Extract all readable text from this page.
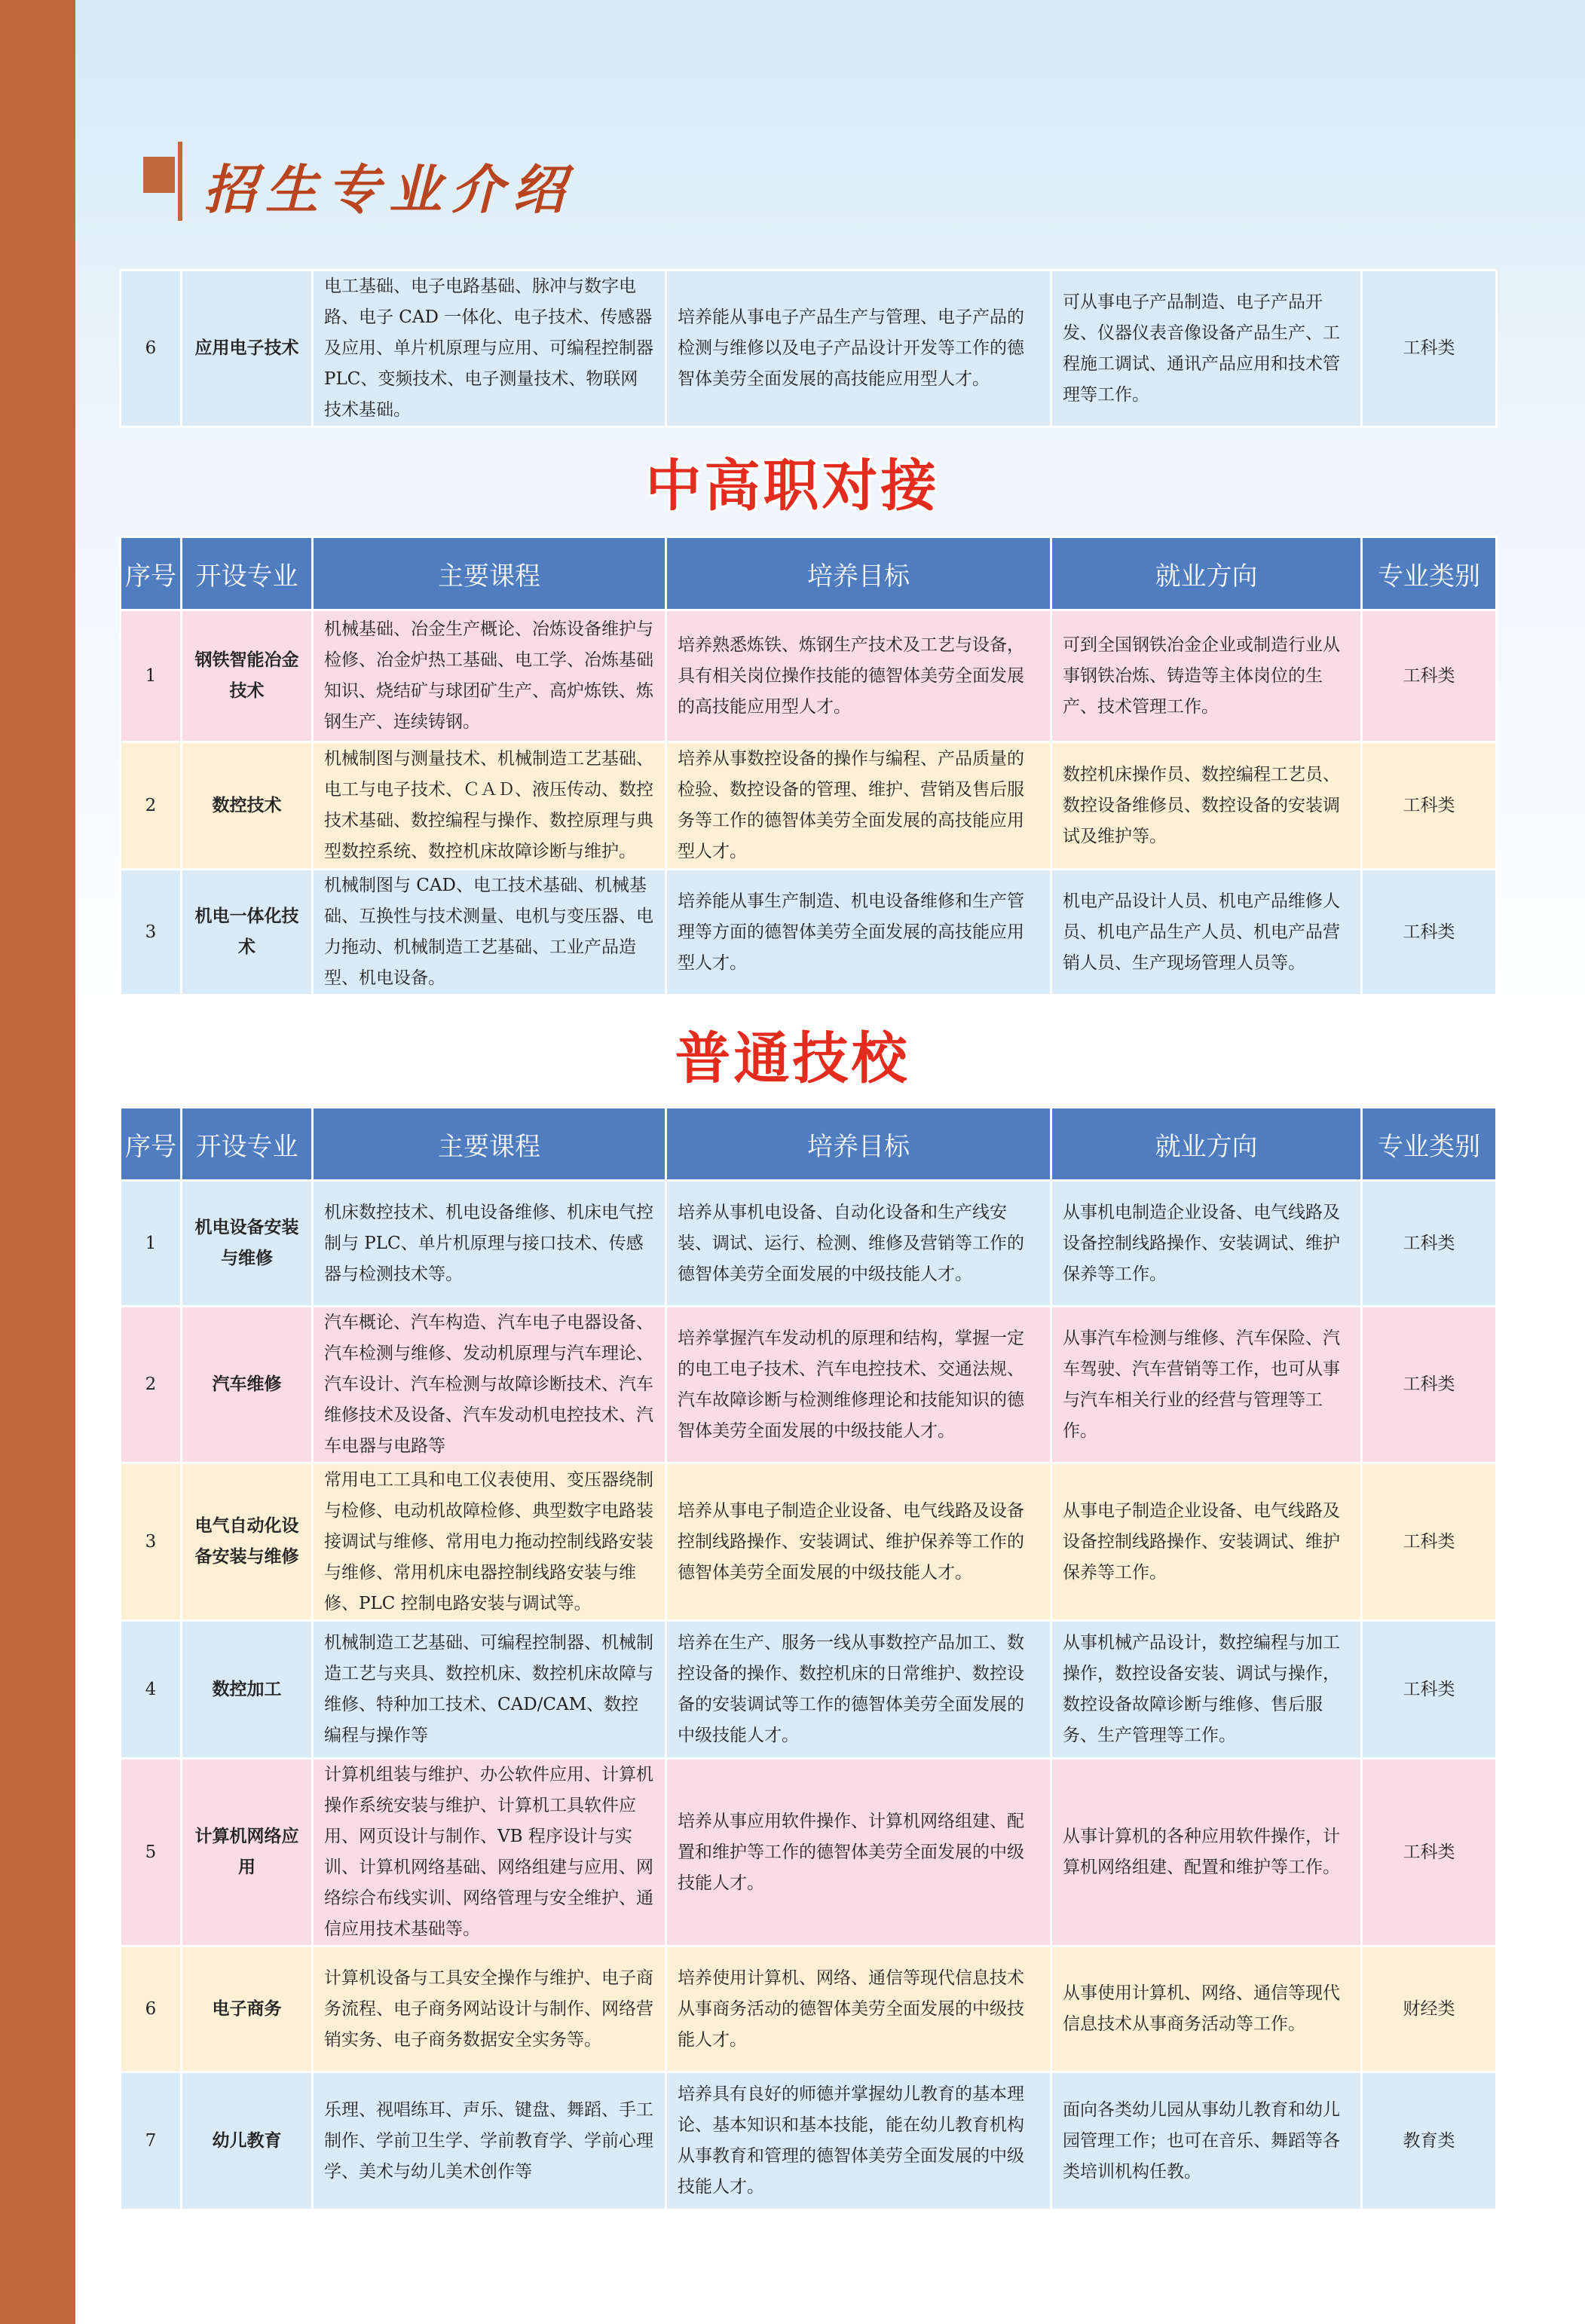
招生专业介绍
6	应用电子技术	电工基础、电子电路基础、脉冲与数字电路、电子 CAD 一体化、电子技术、传感器及应用、单片机原理与应用、可编程控制器 PLC、变频技术、电子测量技术、物联网技术基础。	培养能从事电子产品生产与管理、电子产品的检测与维修以及电子产品设计开发等工作的德智体美劳全面发展的高技能应用型人才。	可从事电子产品制造、电子产品开发、仪器仪表音像设备产品生产、工程施工调试、通讯产品应用和技术管理等工作。	工科类
中高职对接
序号	开设专业	主要课程	培养目标	就业方向	专业类别
1	钢铁智能冶金技术	机械基础、冶金生产概论、冶炼设备维护与检修、冶金炉热工基础、电工学、冶炼基础知识、烧结矿与球团矿生产、高炉炼铁、炼钢生产、连续铸钢。	培养熟悉炼铁、炼钢生产技术及工艺与设备，具有相关岗位操作技能的德智体美劳全面发展的高技能应用型人才。	可到全国钢铁冶金企业或制造行业从事钢铁冶炼、铸造等主体岗位的生产、技术管理工作。	工科类
2	数控技术	机械制图与测量技术、机械制造工艺基础、电工与电子技术、ＣＡＤ、液压传动、数控技术基础、数控编程与操作、数控原理与典型数控系统、数控机床故障诊断与维护。	培养从事数控设备的操作与编程、产品质量的检验、数控设备的管理、维护、营销及售后服务等工作的德智体美劳全面发展的高技能应用型人才。	数控机床操作员、数控编程工艺员、数控设备维修员、数控设备的安装调试及维护等。	工科类
3	机电一体化技术	机械制图与 CAD、电工技术基础、机械基础、互换性与技术测量、电机与变压器、电力拖动、机械制造工艺基础、工业产品造型、机电设备。	培养能从事生产制造、机电设备维修和生产管理等方面的德智体美劳全面发展的高技能应用型人才。	机电产品设计人员、机电产品维修人员、机电产品生产人员、机电产品营销人员、生产现场管理人员等。	工科类
普通技校
序号	开设专业	主要课程	培养目标	就业方向	专业类别
1	机电设备安装与维修	机床数控技术、机电设备维修、机床电气控制与 PLC、单片机原理与接口技术、传感器与检测技术等。	培养从事机电设备、自动化设备和生产线安装、调试、运行、检测、维修及营销等工作的德智体美劳全面发展的中级技能人才。	从事机电制造企业设备、电气线路及设备控制线路操作、安装调试、维护保养等工作。	工科类
2	汽车维修	汽车概论、汽车构造、汽车电子电器设备、汽车检测与维修、发动机原理与汽车理论、汽车设计、汽车检测与故障诊断技术、汽车维修技术及设备、汽车发动机电控技术、汽车电器与电路等	培养掌握汽车发动机的原理和结构，掌握一定的电工电子技术、汽车电控技术、交通法规、汽车故障诊断与检测维修理论和技能知识的德智体美劳全面发展的中级技能人才。	从事汽车检测与维修、汽车保险、汽车驾驶、汽车营销等工作，也可从事与汽车相关行业的经营与管理等工作。	工科类
3	电气自动化设备安装与维修	常用电工工具和电工仪表使用、变压器绕制与检修、电动机故障检修、典型数字电路装接调试与维修、常用电力拖动控制线路安装与维修、常用机床电器控制线路安装与维修、PLC 控制电路安装与调试等。	培养从事电子制造企业设备、电气线路及设备控制线路操作、安装调试、维护保养等工作的德智体美劳全面发展的中级技能人才。	从事电子制造企业设备、电气线路及设备控制线路操作、安装调试、维护保养等工作。	工科类
4	数控加工	机械制造工艺基础、可编程控制器、机械制造工艺与夹具、数控机床、数控机床故障与维修、特种加工技术、CAD/CAM、数控编程与操作等	培养在生产、服务一线从事数控产品加工、数控设备的操作、数控机床的日常维护、数控设备的安装调试等工作的德智体美劳全面发展的中级技能人才。	从事机械产品设计，数控编程与加工操作，数控设备安装、调试与操作，数控设备故障诊断与维修、售后服务、生产管理等工作。	工科类
5	计算机网络应用	计算机组装与维护、办公软件应用、计算机操作系统安装与维护、计算机工具软件应用、网页设计与制作、VB 程序设计与实训、计算机网络基础、网络组建与应用、网络综合布线实训、网络管理与安全维护、通信应用技术基础等。	培养从事应用软件操作、计算机网络组建、配置和维护等工作的德智体美劳全面发展的中级技能人才。	从事计算机的各种应用软件操作，计算机网络组建、配置和维护等工作。	工科类
6	电子商务	计算机设备与工具安全操作与维护、电子商务流程、电子商务网站设计与制作、网络营销实务、电子商务数据安全实务等。	培养使用计算机、网络、通信等现代信息技术从事商务活动的德智体美劳全面发展的中级技能人才。	从事使用计算机、网络、通信等现代信息技术从事商务活动等工作。	财经类
7	幼儿教育	乐理、视唱练耳、声乐、键盘、舞蹈、手工制作、学前卫生学、学前教育学、学前心理学、美术与幼儿美术创作等	培养具有良好的师德并掌握幼儿教育的基本理论、基本知识和基本技能，能在幼儿教育机构从事教育和管理的德智体美劳全面发展的中级技能人才。	面向各类幼儿园从事幼儿教育和幼儿园管理工作；也可在音乐、舞蹈等各类培训机构任教。	教育类
